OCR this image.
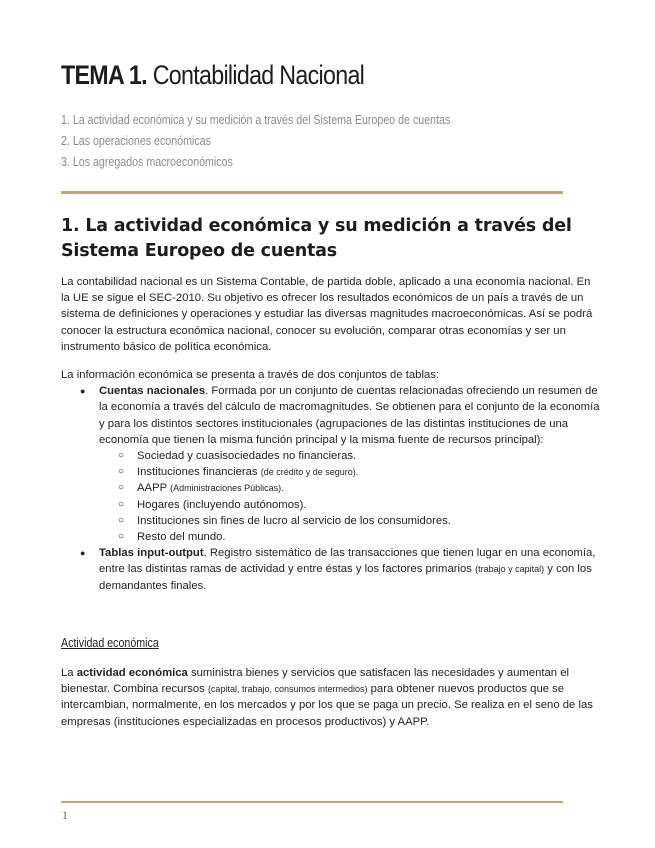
TEMA 1. Contabilidad Nacional
1. La actividad económica y su medición a través del Sistema Europeo de cuentas
2. Las operaciones económicas
3. Los agregados macroeconómicos
1. La actividad económica y su medición a través del Sistema Europeo de cuentas

La contabilidad nacional es un Sistema Contable, de partida doble, aplicado a una economía nacional. En la UE se sigue el SEC-2010. Su objetivo es ofrecer los resultados económicos de un país a través de un sistema de definiciones y operaciones y estudiar las diversas magnitudes macroeconómicas. Así se podrá conocer la estructura económica nacional, conocer su evolución, comparar otras economías y ser un instrumento básico de política económica.

La información económica se presenta a través de dos conjuntos de tablas:

● Cuentas nacionales. Formada por un conjunto de cuentas relacionadas ofreciendo un resumen de la economía a través del cálculo de macromagnitudes. Se obtienen para el conjunto de la economía y para los distintos sectores institucionales (agrupaciones de las distintas instituciones de una economía que tienen la misma función principal y la misma fuente de recursos principal):
○ Sociedad y cuasisociedades no financieras.
○ Instituciones financieras (de crédito y de seguro).
○ AAPP (Administraciones Públicas).
○ Hogares (incluyendo autónomos).
○ Instituciones sin fines de lucro al servicio de los consumidores.
○ Resto del mundo.
● Tablas input-output. Registro sistemático de las transacciones que tienen lugar en una economía, entre las distintas ramas de actividad y entre éstas y los factores primarios (trabajo y capital) y con los demandantes finales.
Actividad económica

La actividad económica suministra bienes y servicios que satisfacen las necesidades y aumentan el bienestar. Combina recursos (capital, trabajo, consumos intermedios) para obtener nuevos productos que se intercambian, normalmente, en los mercados y por los que se paga un precio. Se realiza en el seno de las empresas (instituciones especializadas en procesos productivos) y AAPP.

1
